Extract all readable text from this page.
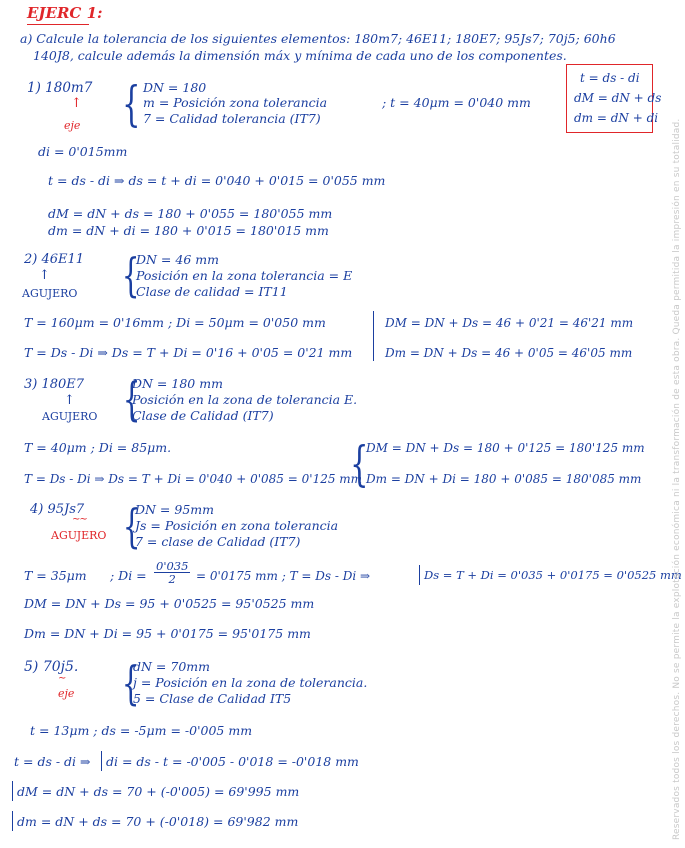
EJERC 1:
a) Calcule la tolerancia de los siguientes elementos: 180m7; 46E11; 180E7; 95Js7; 70j5; 60h6
140J8, calcule además la dimensión máx y mínima de cada uno de los componentes.
t = ds - di
dM = dN + ds
dm = dN + di
1) 180m7
↑
eje { DN = 180
m = Posición zona tolerancia
7 = Calidad tolerancia (IT7)
; t = 40μm = 0'040 mm
di = 0'015mm
t = ds - di ⇒ ds = t + di = 0'040 + 0'015 = 0'055 mm
dM = dN + ds = 180 + 0'055 = 180'055 mm
dm = dN + di = 180 + 0'015 = 180'015 mm
2) 46E11
↑
AGUJERO {
DN = 46 mm
Posición en la zona tolerancia = E
Clase de calidad = IT11
T = 160μm = 0'16mm ; Di = 50μm = 0'050 mm
T = Ds - Di ⇒ Ds = T + Di = 0'16 + 0'05 = 0'21 mm
DM = DN + Ds = 46 + 0'21 = 46'21 mm
Dm = DN + Ds = 46 + 0'05 = 46'05 mm
3) 180E7
↑
AGUJERO {
DN = 180 mm
Posición en la zona de tolerancia E.
Clase de Calidad (IT7)
T = 40μm ; Di = 85μm.
T = Ds - Di ⇒ Ds = T + Di = 0'040 + 0'085 = 0'125 mm
{
DM = DN + Ds = 180 + 0'125 = 180'125 mm
Dm = DN + Di = 180 + 0'085 = 180'085 mm
4) 95Js7
∼∼
AGUJERO {
DN = 95mm
Js = Posición en zona tolerancia
7 = clase de Calidad (IT7)
T = 35μm ; $Di = \frac{0'035}{2} = 0'0175$ mm ; T = Ds - Di ⇒	Ds = T + Di = 0'035 + 0'0175 = 0'0525 mm
DM = DN + Ds = 95 + 0'0525 = 95'0525 mm
Dm = DN + Di = 95 + 0'0175 = 95'0175 mm
5) 70j5.
∼
eje {
dN = 70mm
j = Posición en la zona de tolerancia.
5 = Clase de Calidad IT5
t = 13μm ; ds = -5μm = -0'005 mm
t = ds - di ⇒ di = ds - t = -0'005 - 0'018 = -0'018 mm
dM = dN + ds = 70 + (-0'005) = 69'995 mm
dm = dN + ds = 70 + (-0'018) = 69'982 mm	Reservados todos los derechos. No se permite la explotación económica ni la transformación de esta obra. Queda permitida la impresión en su totalidad.
